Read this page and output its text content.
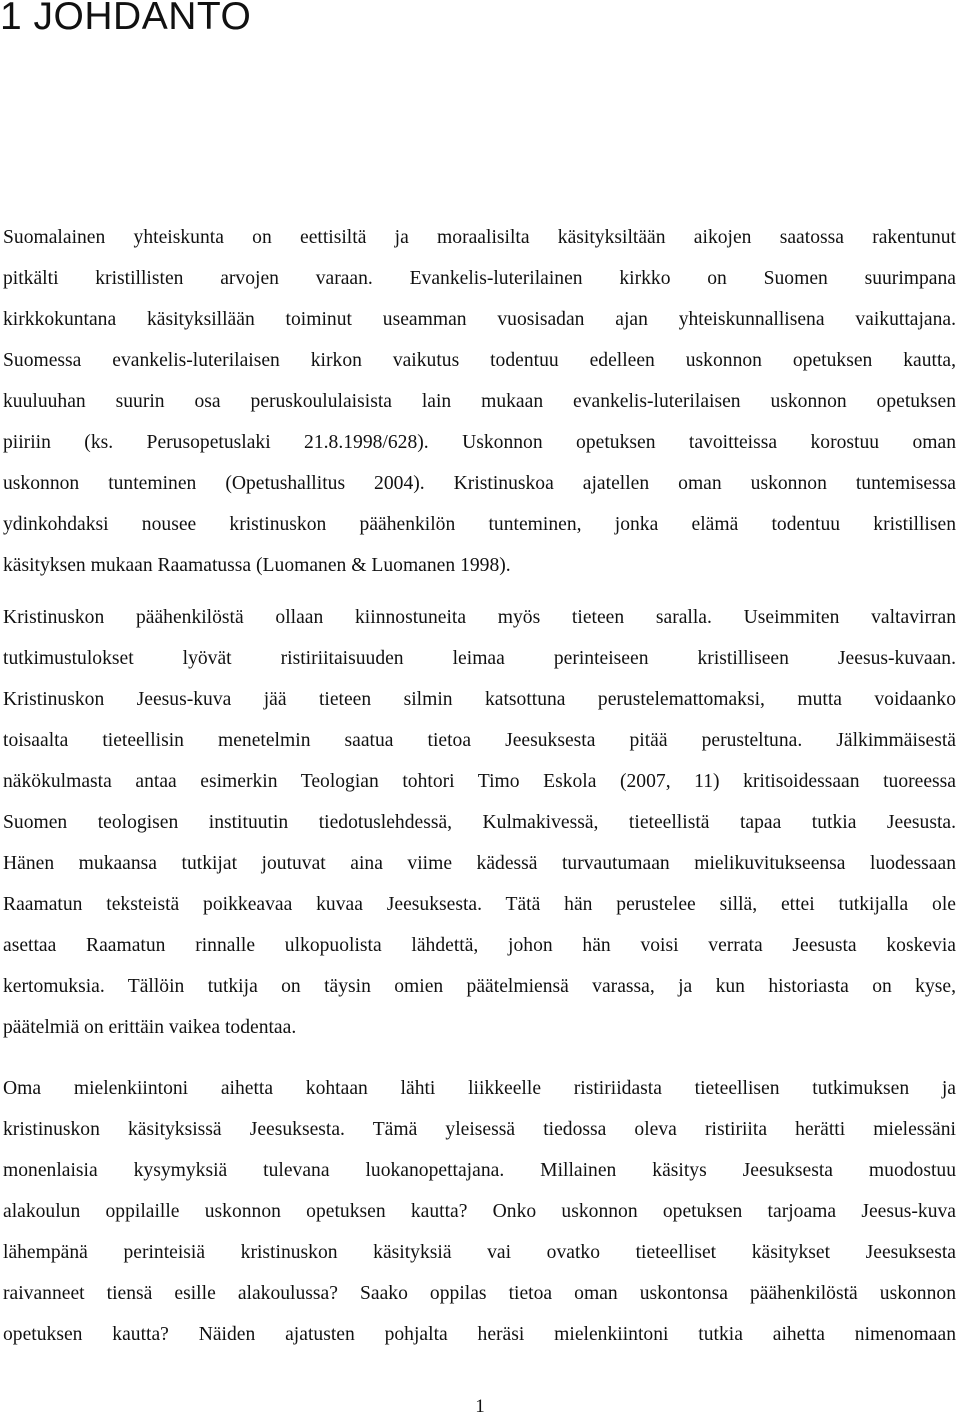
1 JOHDANTO
Suomalainen yhteiskunta on eettisiltä ja moraalisilta käsityksiltään aikojen saatossa rakentunut
pitkälti kristillisten arvojen varaan. Evankelis-luterilainen kirkko on Suomen suurimpana
kirkkokuntana käsityksillään toiminut useamman vuosisadan ajan yhteiskunnallisena vaikuttajana.
Suomessa evankelis-luterilaisen kirkon vaikutus todentuu edelleen uskonnon opetuksen kautta,
kuuluuhan suurin osa peruskoululaisista lain mukaan evankelis-luterilaisen uskonnon opetuksen
piiriin (ks. Perusopetuslaki 21.8.1998/628). Uskonnon opetuksen tavoitteissa korostuu oman
uskonnon tunteminen (Opetushallitus 2004). Kristinuskoa ajatellen oman uskonnon tuntemisessa
ydinkohdaksi nousee kristinuskon päähenkilön tunteminen, jonka elämä todentuu kristillisen
käsityksen mukaan Raamatussa (Luomanen & Luomanen 1998).
Kristinuskon päähenkilöstä ollaan kiinnostuneita myös tieteen saralla. Useimmiten valtavirran
tutkimustulokset lyövät ristiriitaisuuden leimaa perinteiseen kristilliseen Jeesus-kuvaan.
Kristinuskon Jeesus-kuva jää tieteen silmin katsottuna perustelemattomaksi, mutta voidaanko
toisaalta tieteellisin menetelmin saatua tietoa Jeesuksesta pitää perusteltuna. Jälkimmäisestä
näkökulmasta antaa esimerkin Teologian tohtori Timo Eskola (2007, 11) kritisoidessaan tuoreessa
Suomen teologisen instituutin tiedotuslehdessä, Kulmakivessä, tieteellistä tapaa tutkia Jeesusta.
Hänen mukaansa tutkijat joutuvat aina viime kädessä turvautumaan mielikuvitukseensa luodessaan
Raamatun teksteistä poikkeavaa kuvaa Jeesuksesta. Tätä hän perustelee sillä, ettei tutkijalla ole
asettaa Raamatun rinnalle ulkopuolista lähdettä, johon hän voisi verrata Jeesusta koskevia
kertomuksia. Tällöin tutkija on täysin omien päätelmiensä varassa, ja kun historiasta on kyse,
päätelmiä on erittäin vaikea todentaa.
Oma mielenkiintoni aihetta kohtaan lähti liikkeelle ristiriidasta tieteellisen tutkimuksen ja
kristinuskon käsityksissä Jeesuksesta. Tämä yleisessä tiedossa oleva ristiriita herätti mielessäni
monenlaisia kysymyksiä tulevana luokanopettajana. Millainen käsitys Jeesuksesta muodostuu
alakoulun oppilaille uskonnon opetuksen kautta? Onko uskonnon opetuksen tarjoama Jeesus-kuva
lähempänä perinteisiä kristinuskon käsityksiä vai ovatko tieteelliset käsitykset Jeesuksesta
raivanneet tiensä esille alakoulussa? Saako oppilas tietoa oman uskontonsa päähenkilöstä uskonnon
opetuksen kautta? Näiden ajatusten pohjalta heräsi mielenkiintoni tutkia aihetta nimenomaan
1
